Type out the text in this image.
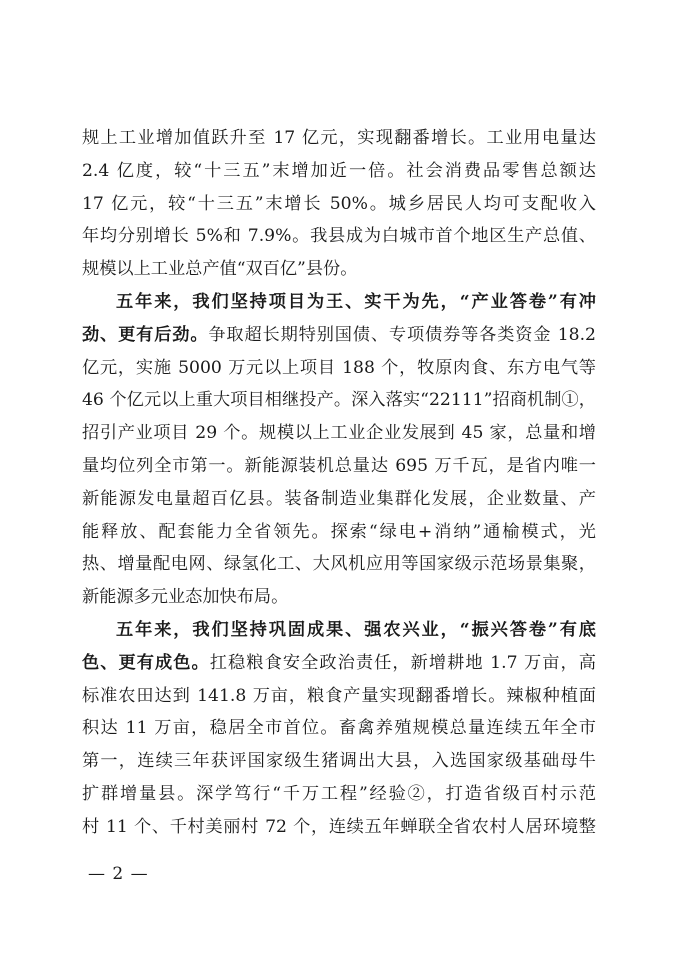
规上工业增加值跃升至 17 亿元，实现翻番增长。工业用电量达
2.4 亿度，较“十三五”末增加近一倍。社会消费品零售总额达
17 亿元，较“十三五”末增长 50%。城乡居民人均可支配收入
年均分别增长 5%和 7.9%。我县成为白城市首个地区生产总值、
规模以上工业总产值“双百亿”县份。
五年来，我们坚持项目为王、实干为先，“产业答卷”有冲
劲、更有后劲。争取超长期特别国债、专项债券等各类资金 18.2
亿元，实施 5000 万元以上项目 188 个，牧原肉食、东方电气等
46 个亿元以上重大项目相继投产。深入落实“22111”招商机制①，
招引产业项目 29 个。规模以上工业企业发展到 45 家，总量和增
量均位列全市第一。新能源装机总量达 695 万千瓦，是省内唯一
新能源发电量超百亿县。装备制造业集群化发展，企业数量、产
能释放、配套能力全省领先。探索“绿电+消纳”通榆模式，光
热、增量配电网、绿氢化工、大风机应用等国家级示范场景集聚，
新能源多元业态加快布局。
五年来，我们坚持巩固成果、强农兴业，“振兴答卷”有底
色、更有成色。扛稳粮食安全政治责任，新增耕地 1.7 万亩，高
标准农田达到 141.8 万亩，粮食产量实现翻番增长。辣椒种植面
积达 11 万亩，稳居全市首位。畜禽养殖规模总量连续五年全市
第一，连续三年获评国家级生猪调出大县，入选国家级基础母牛
扩群增量县。深学笃行“千万工程”经验②，打造省级百村示范
村 11 个、千村美丽村 72 个，连续五年蝉联全省农村人居环境整
— 2 —
